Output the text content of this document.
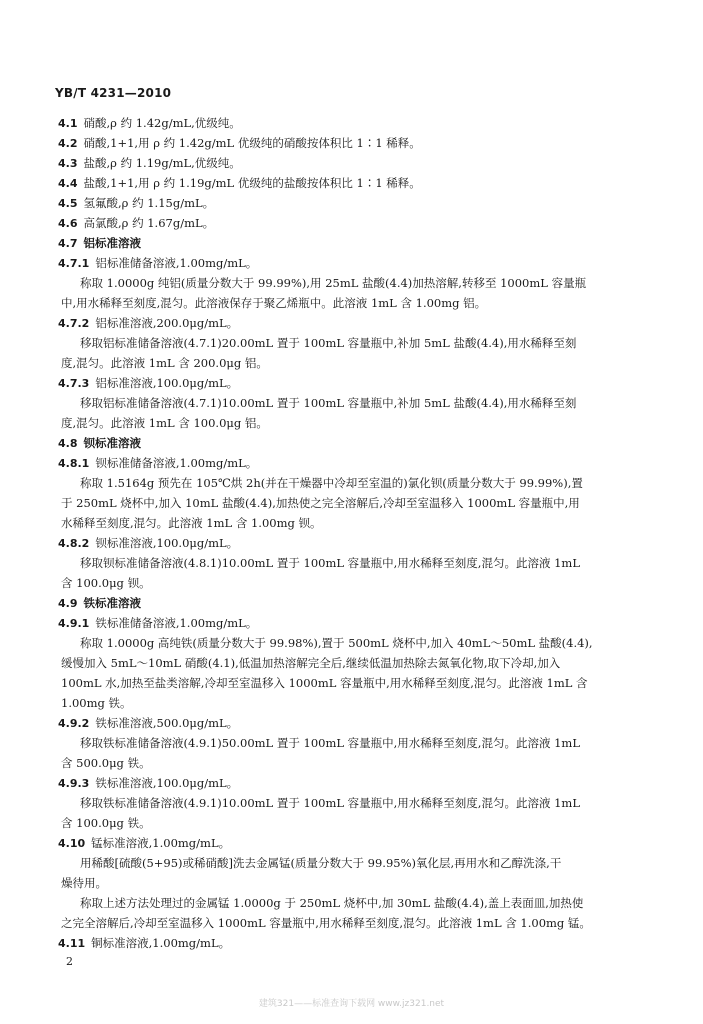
YB/T 4231—2010
4.1 硝酸,ρ 约 1.42g/mL,优级纯。
4.2 硝酸,1+1,用 ρ 约 1.42g/mL 优级纯的硝酸按体积比 1∶1 稀释。
4.3 盐酸,ρ 约 1.19g/mL,优级纯。
4.4 盐酸,1+1,用 ρ 约 1.19g/mL 优级纯的盐酸按体积比 1∶1 稀释。
4.5 氢氟酸,ρ 约 1.15g/mL。
4.6 高氯酸,ρ 约 1.67g/mL。
4.7 铝标准溶液
4.7.1 铝标准储备溶液,1.00mg/mL。
称取 1.0000g 纯铝(质量分数大于 99.99%),用 25mL 盐酸(4.4)加热溶解,转移至 1000mL 容量瓶
中,用水稀释至刻度,混匀。此溶液保存于聚乙烯瓶中。此溶液 1mL 含 1.00mg 铝。
4.7.2 铝标准溶液,200.0μg/mL。
移取铝标准储备溶液(4.7.1)20.00mL 置于 100mL 容量瓶中,补加 5mL 盐酸(4.4),用水稀释至刻
度,混匀。此溶液 1mL 含 200.0μg 铝。
4.7.3 铝标准溶液,100.0μg/mL。
移取铝标准储备溶液(4.7.1)10.00mL 置于 100mL 容量瓶中,补加 5mL 盐酸(4.4),用水稀释至刻
度,混匀。此溶液 1mL 含 100.0μg 铝。
4.8 钡标准溶液
4.8.1 钡标准储备溶液,1.00mg/mL。
称取 1.5164g 预先在 105℃烘 2h(并在干燥器中冷却至室温的)氯化钡(质量分数大于 99.99%),置
于 250mL 烧杯中,加入 10mL 盐酸(4.4),加热使之完全溶解后,冷却至室温移入 1000mL 容量瓶中,用
水稀释至刻度,混匀。此溶液 1mL 含 1.00mg 钡。
4.8.2 钡标准溶液,100.0μg/mL。
移取钡标准储备溶液(4.8.1)10.00mL 置于 100mL 容量瓶中,用水稀释至刻度,混匀。此溶液 1mL
含 100.0μg 钡。
4.9 铁标准溶液
4.9.1 铁标准储备溶液,1.00mg/mL。
称取 1.0000g 高纯铁(质量分数大于 99.98%),置于 500mL 烧杯中,加入 40mL～50mL 盐酸(4.4),
缓慢加入 5mL～10mL 硝酸(4.1),低温加热溶解完全后,继续低温加热除去氮氧化物,取下冷却,加入
100mL 水,加热至盐类溶解,冷却至室温移入 1000mL 容量瓶中,用水稀释至刻度,混匀。此溶液 1mL 含
1.00mg 铁。
4.9.2 铁标准溶液,500.0μg/mL。
移取铁标准储备溶液(4.9.1)50.00mL 置于 100mL 容量瓶中,用水稀释至刻度,混匀。此溶液 1mL
含 500.0μg 铁。
4.9.3 铁标准溶液,100.0μg/mL。
移取铁标准储备溶液(4.9.1)10.00mL 置于 100mL 容量瓶中,用水稀释至刻度,混匀。此溶液 1mL
含 100.0μg 铁。
4.10 锰标准溶液,1.00mg/mL。
用稀酸[硫酸(5+95)或稀硝酸]洗去金属锰(质量分数大于 99.95%)氧化层,再用水和乙醇洗涤,干
燥待用。
称取上述方法处理过的金属锰 1.0000g 于 250mL 烧杯中,加 30mL 盐酸(4.4),盖上表面皿,加热使
之完全溶解后,冷却至室温移入 1000mL 容量瓶中,用水稀释至刻度,混匀。此溶液 1mL 含 1.00mg 锰。
4.11 铜标准溶液,1.00mg/mL。
2
建筑321——标准查询下载网 www.jz321.net
